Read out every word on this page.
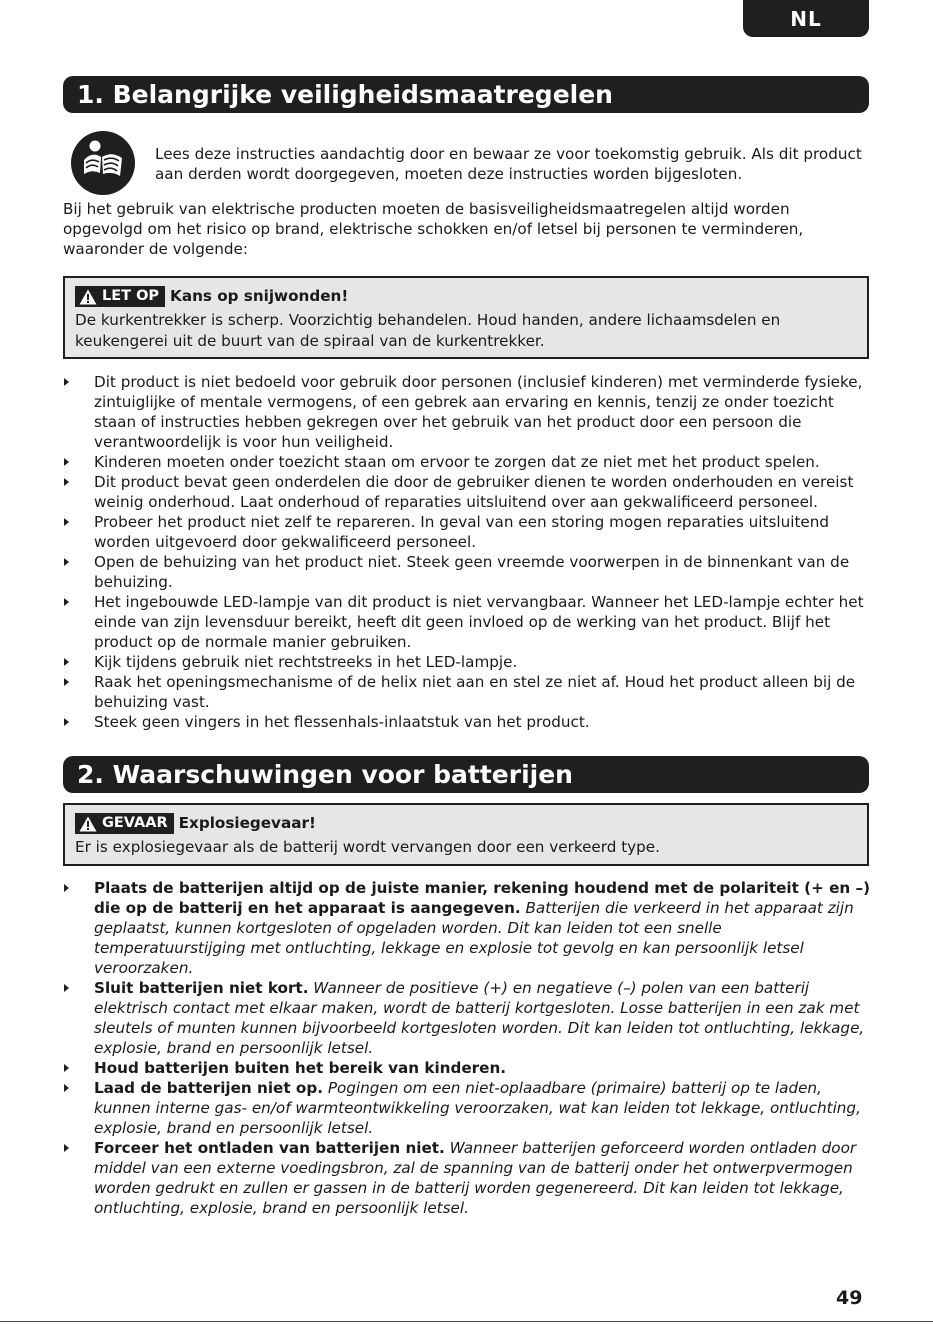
NL
1. Belangrijke veiligheidsmaatregelen
Lees deze instructies aandachtig door en bewaar ze voor toekomstig gebruik. Als dit product aan derden wordt doorgegeven, moeten deze instructies worden bijgesloten.
Bij het gebruik van elektrische producten moeten de basisveiligheidsmaatregelen altijd worden opgevolgd om het risico op brand, elektrische schokken en/of letsel bij personen te verminderen, waaronder de volgende:
LET OP Kans op snijwonden!
De kurkentrekker is scherp. Voorzichtig behandelen. Houd handen, andere lichaamsdelen en keukengerei uit de buurt van de spiraal van de kurkentrekker.
Dit product is niet bedoeld voor gebruik door personen (inclusief kinderen) met verminderde fysieke, zintuiglijke of mentale vermogens, of een gebrek aan ervaring en kennis, tenzij ze onder toezicht staan of instructies hebben gekregen over het gebruik van het product door een persoon die verantwoordelijk is voor hun veiligheid.
Kinderen moeten onder toezicht staan om ervoor te zorgen dat ze niet met het product spelen.
Dit product bevat geen onderdelen die door de gebruiker dienen te worden onderhouden en vereist weinig onderhoud. Laat onderhoud of reparaties uitsluitend over aan gekwalificeerd personeel.
Probeer het product niet zelf te repareren. In geval van een storing mogen reparaties uitsluitend worden uitgevoerd door gekwalificeerd personeel.
Open de behuizing van het product niet. Steek geen vreemde voorwerpen in de binnenkant van de behuizing.
Het ingebouwde LED-lampje van dit product is niet vervangbaar. Wanneer het LED-lampje echter het einde van zijn levensduur bereikt, heeft dit geen invloed op de werking van het product. Blijf het product op de normale manier gebruiken.
Kijk tijdens gebruik niet rechtstreeks in het LED-lampje.
Raak het openingsmechanisme of de helix niet aan en stel ze niet af. Houd het product alleen bij de behuizing vast.
Steek geen vingers in het flessenhals-inlaatstuk van het product.
2. Waarschuwingen voor batterijen
GEVAAR Explosiegevaar!
Er is explosiegevaar als de batterij wordt vervangen door een verkeerd type.
Plaats de batterijen altijd op de juiste manier, rekening houdend met de polariteit (+ en –) die op de batterij en het apparaat is aangegeven. Batterijen die verkeerd in het apparaat zijn geplaatst, kunnen kortgesloten of opgeladen worden. Dit kan leiden tot een snelle temperatuurstijging met ontluchting, lekkage en explosie tot gevolg en kan persoonlijk letsel veroorzaken.
Sluit batterijen niet kort. Wanneer de positieve (+) en negatieve (–) polen van een batterij elektrisch contact met elkaar maken, wordt de batterij kortgesloten. Losse batterijen in een zak met sleutels of munten kunnen bijvoorbeeld kortgesloten worden. Dit kan leiden tot ontluchting, lekkage, explosie, brand en persoonlijk letsel.
Houd batterijen buiten het bereik van kinderen.
Laad de batterijen niet op. Pogingen om een niet-oplaadbare (primaire) batterij op te laden, kunnen interne gas- en/of warmteontwikkeling veroorzaken, wat kan leiden tot lekkage, ontluchting, explosie, brand en persoonlijk letsel.
Forceer het ontladen van batterijen niet. Wanneer batterijen geforceerd worden ontladen door middel van een externe voedingsbron, zal de spanning van de batterij onder het ontwerpvermogen worden gedrukt en zullen er gassen in de batterij worden gegenereerd. Dit kan leiden tot lekkage, ontluchting, explosie, brand en persoonlijk letsel.
49
